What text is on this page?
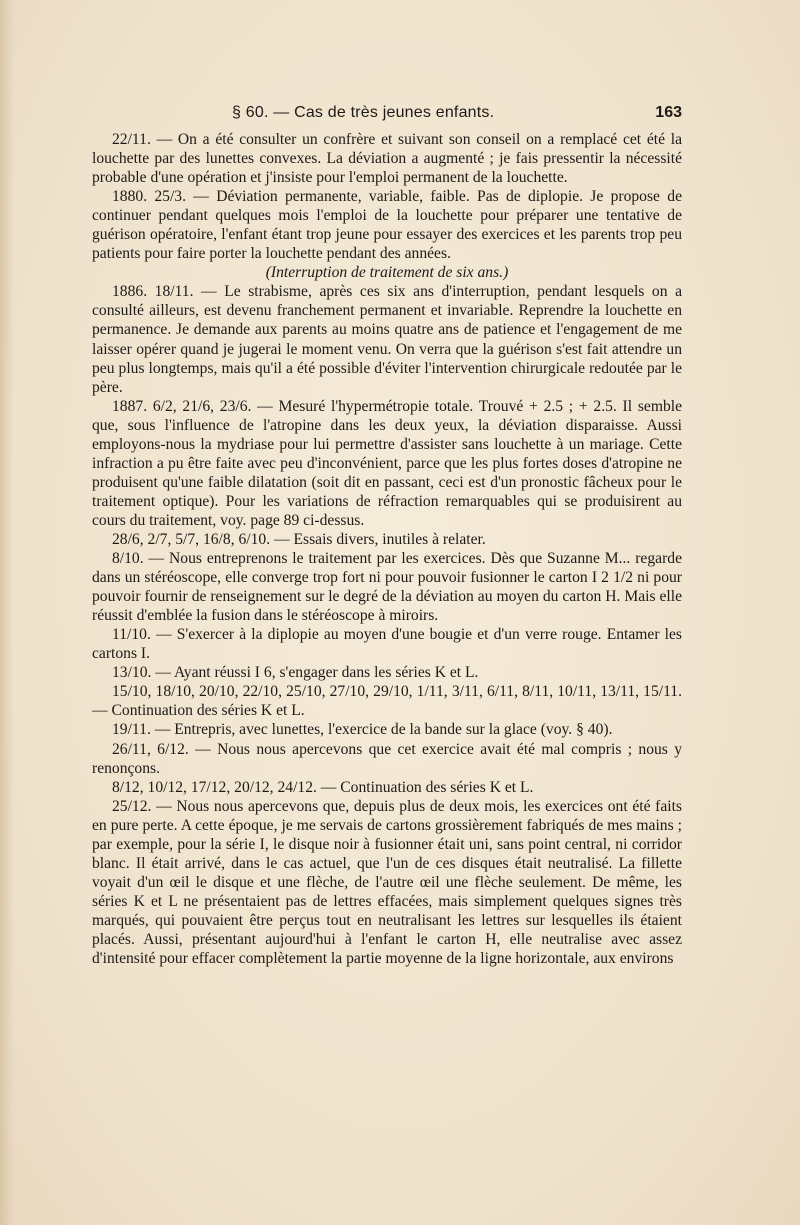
§ 60. — Cas de très jeunes enfants.	163

22/11. — On a été consulter un confrère et suivant son conseil on a remplacé cet été la louchette par des lunettes convexes. La déviation a augmenté ; je fais pressentir la nécessité probable d'une opération et j'insiste pour l'emploi permanent de la louchette.

1880. 25/3. — Déviation permanente, variable, faible. Pas de diplopie. Je propose de continuer pendant quelques mois l'emploi de la louchette pour préparer une tentative de guérison opératoire, l'enfant étant trop jeune pour essayer des exercices et les parents trop peu patients pour faire porter la louchette pendant des années.

(Interruption de traitement de six ans.)

1886. 18/11. — Le strabisme, après ces six ans d'interruption, pendant lesquels on a consulté ailleurs, est devenu franchement permanent et invariable. Reprendre la louchette en permanence. Je demande aux parents au moins quatre ans de patience et l'engagement de me laisser opérer quand je jugerai le moment venu. On verra que la guérison s'est fait attendre un peu plus longtemps, mais qu'il a été possible d'éviter l'intervention chirurgicale redoutée par le père.

1887. 6/2, 21/6, 23/6. — Mesuré l'hypermétropie totale. Trouvé + 2.5 ; + 2.5. Il semble que, sous l'influence de l'atropine dans les deux yeux, la déviation disparaisse. Aussi employons-nous la mydriase pour lui permettre d'assister sans louchette à un mariage. Cette infraction a pu être faite avec peu d'inconvénient, parce que les plus fortes doses d'atropine ne produisent qu'une faible dilatation (soit dit en passant, ceci est d'un pronostic fâcheux pour le traitement optique). Pour les variations de réfraction remarquables qui se produisirent au cours du traitement, voy. page 89 ci-dessus.

28/6, 2/7, 5/7, 16/8, 6/10. — Essais divers, inutiles à relater.

8/10. — Nous entreprenons le traitement par les exercices. Dès que Suzanne M... regarde dans un stéréoscope, elle converge trop fort ni pour pouvoir fusionner le carton I 2 1/2 ni pour pouvoir fournir de renseignement sur le degré de la déviation au moyen du carton H. Mais elle réussit d'emblée la fusion dans le stéréoscope à miroirs.

11/10. — S'exercer à la diplopie au moyen d'une bougie et d'un verre rouge. Entamer les cartons I.

13/10. — Ayant réussi I 6, s'engager dans les séries K et L.

15/10, 18/10, 20/10, 22/10, 25/10, 27/10, 29/10, 1/11, 3/11, 6/11, 8/11, 10/11, 13/11, 15/11. — Continuation des séries K et L.

19/11. — Entrepris, avec lunettes, l'exercice de la bande sur la glace (voy. § 40).

26/11, 6/12. — Nous nous apercevons que cet exercice avait été mal compris ; nous y renonçons.

8/12, 10/12, 17/12, 20/12, 24/12. — Continuation des séries K et L.

25/12. — Nous nous apercevons que, depuis plus de deux mois, les exercices ont été faits en pure perte. A cette époque, je me servais de cartons grossièrement fabriqués de mes mains ; par exemple, pour la série I, le disque noir à fusionner était uni, sans point central, ni corridor blanc. Il était arrivé, dans le cas actuel, que l'un de ces disques était neutralisé. La fillette voyait d'un œil le disque et une flèche, de l'autre œil une flèche seulement. De même, les séries K et L ne présentaient pas de lettres effacées, mais simplement quelques signes très marqués, qui pouvaient être perçus tout en neutralisant les lettres sur lesquelles ils étaient placés. Aussi, présentant aujourd'hui à l'enfant le carton H, elle neutralise avec assez d'intensité pour effacer complètement la partie moyenne de la ligne horizontale, aux environs
